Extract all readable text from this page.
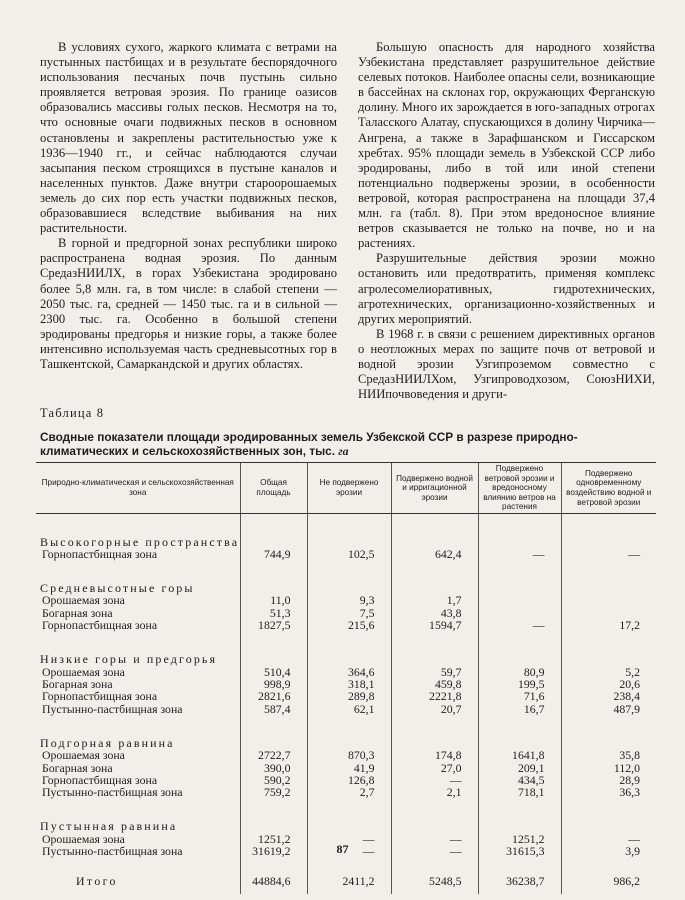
В условиях сухого, жаркого климата с ветрами на пустынных пастбищах и в результате беспорядочного использования песчаных почв пустынь сильно проявляется ветровая эрозия. По границе оазисов образовались массивы голых песков. Несмотря на то, что основные очаги подвижных песков в основном остановлены и закреплены растительностью уже к 1936—1940 гг., и сейчас наблюдаются случаи засыпания песком строящихся в пустыне каналов и населенных пунктов. Даже внутри староорошаемых земель до сих пор есть участки подвижных песков, образовавшиеся вследствие выбивания на них растительности.

В горной и предгорной зонах республики широко распространена водная эрозия. По данным СредазНИИЛХ, в горах Узбекистана эродировано более 5,8 млн. га, в том числе: в слабой степени — 2050 тыс. га, средней — 1450 тыс. га и в сильной — 2300 тыс. га. Особенно в большой степени эродированы предгорья и низкие горы, а также более интенсивно используемая часть средневысотных гор в Ташкентской, Самаркандской и других областях.

Большую опасность для народного хозяйства Узбекистана представляет разрушительное действие селевых потоков. Наиболее опасны сели, возникающие в бассейнах на склонах гор, окружающих Ферганскую долину. Много их зарождается в юго-западных отрогах Таласского Алатау, спускающихся в долину Чирчика—Ангрена, а также в Зарафшанском и Гиссарском хребтах. 95% площади земель в Узбекской ССР либо эродированы, либо в той или иной степени потенциально подвержены эрозии, в особенности ветровой, которая распространена на площади 37,4 млн. га (табл. 8). При этом вредоносное влияние ветров сказывается не только на почве, но и на растениях.

Разрушительные действия эрозии можно остановить или предотвратить, применяя комплекс агролесомелиоративных, гидротехнических, агротехнических, организационно-хозяйственных и других мероприятий.

В 1968 г. в связи с решением директивных органов о неотложных мерах по защите почв от ветровой и водной эрозии Узгипроземом совместно с СредазНИИЛХом, Узгипроводхозом, СоюзНИХИ, НИИпочвоведения и други-

Таблица 8
Сводные показатели площади эродированных земель Узбекской ССР в разрезе природно-климатических и сельскохозяйственных зон, тыс. га
Природно-климатическая и сельскохозяйственная зона	Общая площадь	Не подвержено эрозии	Подвержено водной и ирригационной эрозии	Подвержено ветровой эрозии и вредоносному влиянию ветров на растения	Подвержено одновременному воздействию водной и ветровой эрозии

Высокогорные пространства					
Горнопастбищная зона	744,9	102,5	642,4	—	—

Средневысотные горы					
Орошаемая зона	11,0	9,3	1,7		
Богарная зона	51,3	7,5	43,8		
Горнопастбищная зона	1827,5	215,6	1594,7	—	17,2

Низкие горы и предгорья					
Орошаемая зона	510,4	364,6	59,7	80,9	5,2
Богарная зона	998,9	318,1	459,8	199,5	20,6
Горнопастбищная зона	2821,6	289,8	2221,8	71,6	238,4
Пустынно-пастбищная зона	587,4	62,1	20,7	16,7	487,9

Подгорная равнина					
Орошаемая зона	2722,7	870,3	174,8	1641,8	35,8
Богарная зона	390,0	41,9	27,0	209,1	112,0
Горнопастбищная зона	590,2	126,8	—	434,5	28,9
Пустынно-пастбищная зона	759,2	2,7	2,1	718,1	36,3

Пустынная равнина					
Орошаемая зона	1251,2	—	—	1251,2	—
Пустынно-пастбищная зона	31619,2	—	—	31615,3	3,9

Итого	44884,6	2411,2	5248,5	36238,7	986,2
87
